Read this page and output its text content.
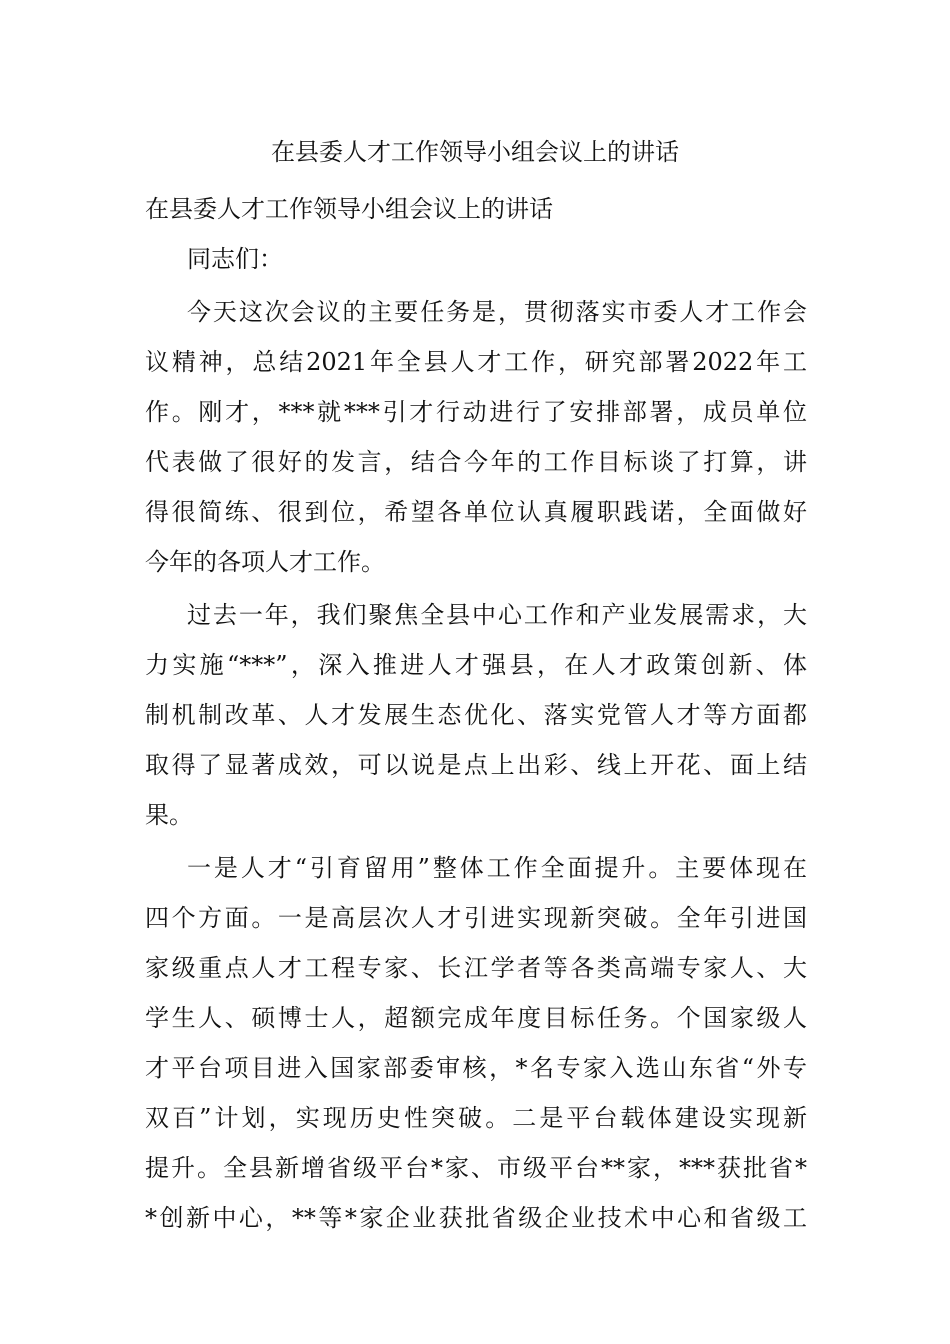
在县委人才工作领导小组会议上的讲话
在县委人才工作领导小组会议上的讲话
同志们：
今天这次会议的主要任务是，贯彻落实市委人才工作会
议精神，总结2021年全县人才工作，研究部署2022年工
作。刚才，***就***引才行动进行了安排部署，成员单位
代表做了很好的发言，结合今年的工作目标谈了打算，讲
得很简练、很到位，希望各单位认真履职践诺，全面做好
今年的各项人才工作。
过去一年，我们聚焦全县中心工作和产业发展需求，大
力实施“***”，深入推进人才强县，在人才政策创新、体
制机制改革、人才发展生态优化、落实党管人才等方面都
取得了显著成效，可以说是点上出彩、线上开花、面上结
果。
一是人才“引育留用”整体工作全面提升。主要体现在
四个方面。一是高层次人才引进实现新突破。全年引进国
家级重点人才工程专家、长江学者等各类高端专家人、大
学生人、硕博士人，超额完成年度目标任务。个国家级人
才平台项目进入国家部委审核，*名专家入选山东省“外专
双百”计划，实现历史性突破。二是平台载体建设实现新
提升。全县新增省级平台*家、市级平台**家，***获批省*
*创新中心，**等*家企业获批省级企业技术中心和省级工
